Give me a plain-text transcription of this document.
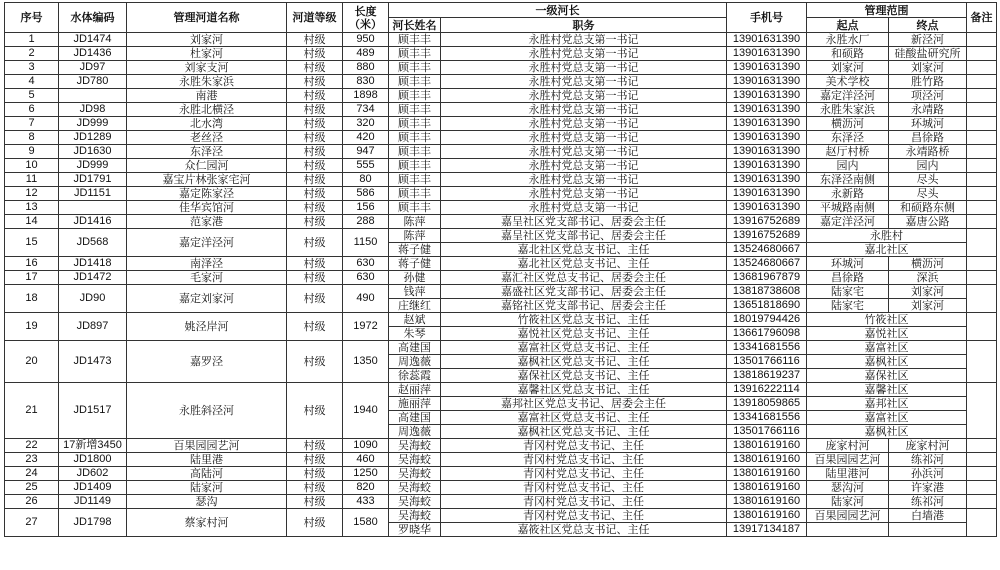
序号	水体编码	管理河道名称	河道等级	长度（米）	一级河长		手机号	管理范围		备注
					河长姓名	职务		起点	终点	
1	JD1474	刘家河	村级	950	顾丰丰	永胜村党总支第一书记	13901631390	永胜水厂	新泾河	
2	JD1436	杜家河	村级	489	顾丰丰	永胜村党总支第一书记	13901631390	和硕路	硅酸盐研究所	
3	JD97	刘家支河	村级	880	顾丰丰	永胜村党总支第一书记	13901631390	刘家河	刘家河	
4	JD780	永胜朱家浜	村级	830	顾丰丰	永胜村党总支第一书记	13901631390	美术学校	胜竹路	
5		南港	村级	1898	顾丰丰	永胜村党总支第一书记	13901631390	嘉定洋泾河	项泾河	
6	JD98	永胜北横泾	村级	734	顾丰丰	永胜村党总支第一书记	13901631390	永胜朱家浜	永靖路	
7	JD999	北水湾	村级	320	顾丰丰	永胜村党总支第一书记	13901631390	横沥河	环城河	
8	JD1289	老丝泾	村级	420	顾丰丰	永胜村党总支第一书记	13901631390	东泽泾	昌徐路	
9	JD1630	东泽泾	村级	947	顾丰丰	永胜村党总支第一书记	13901631390	赵厅村桥	永靖路桥	
10	JD999	众仁园河	村级	555	顾丰丰	永胜村党总支第一书记	13901631390	园内	园内	
11	JD1791	嘉宝片林张家宅河	村级	80	顾丰丰	永胜村党总支第一书记	13901631390	东泽泾南侧	尽头	
12	JD1151	嘉定陈家泾	村级	586	顾丰丰	永胜村党总支第一书记	13901631390	永新路	尽头	
13		佳华宾馆河	村级	156	顾丰丰	永胜村党总支第一书记	13901631390	平城路南侧	和硕路东侧	
14	JD1416	范家港	村级	288	陈萍	嘉呈社区党支部书记、居委会主任	13916752689	嘉定洋泾河	嘉唐公路	
15	JD568	嘉定洋泾河	村级	1150	陈萍	嘉呈社区党支部书记、居委会主任	13916752689	永胜村		
					蒋子健	嘉北社区党总支书记、主任	13524680667	嘉北社区		
16	JD1418	南泽泾	村级	630	蒋子健	嘉北社区党总支书记、主任	13524680667	环城河	横沥河	
17	JD1472	毛家河	村级	630	孙健	嘉汇社区党总支书记、居委会主任	13681967879	昌徐路	深浜	
18	JD90	嘉定刘家河	村级	490	钱萍	嘉盛社区党支部书记、居委会主任	13818738608	陆家宅	刘家河	
					庄继红	嘉铭社区党支部书记、居委会主任	13651818690	陆家宅	刘家河	
19	JD897	姚泾岸河	村级	1972	赵斌	竹筱社区党总支书记、主任	18019794426	竹筱社区		
					朱琴	嘉悦社区党总支书记、主任	13661796098	嘉悦社区		
20	JD1473	嘉罗泾	村级	1350	高建国	嘉富社区党总支书记、主任	13341681556	嘉富社区		
					周逸薇	嘉枫社区党总支书记、主任	13501766116	嘉枫社区		
					徐蕊霞	嘉保社区党总支书记、主任	13818619237	嘉保社区		
21	JD1517	永胜斜泾河	村级	1940	赵丽萍	嘉馨社区党总支书记、主任	13916222114	嘉馨社区		
					施丽萍	嘉邦社区党总支书记、居委会主任	13918059865	嘉邦社区		
					高建国	嘉富社区党总支书记、主任	13341681556	嘉富社区		
					周逸薇	嘉枫社区党总支书记、主任	13501766116	嘉枫社区		
22	17新增3450	百果园园艺河	村级	1090	吴海蛟	青冈村党总支书记、主任	13801619160	庞家村河	庞家村河	
23	JD1800	陆里港	村级	460	吴海蛟	青冈村党总支书记、主任	13801619160	百果园园艺河	练祁河	
24	JD602	高陆河	村级	1250	吴海蛟	青冈村党总支书记、主任	13801619160	陆里港河	孙浜河	
25	JD1409	陆家河	村级	820	吴海蛟	青冈村党总支书记、主任	13801619160	瑟沟河	许家港	
26	JD1149	瑟沟	村级	433	吴海蛟	青冈村党总支书记、主任	13801619160	陆家河	练祁河	
27	JD1798	蔡家村河	村级	1580	吴海蛟	青冈村党总支书记、主任	13801619160	百果园园艺河	白墙港	
					罗晓华	嘉筱社区党总支书记、主任	13917134187			
